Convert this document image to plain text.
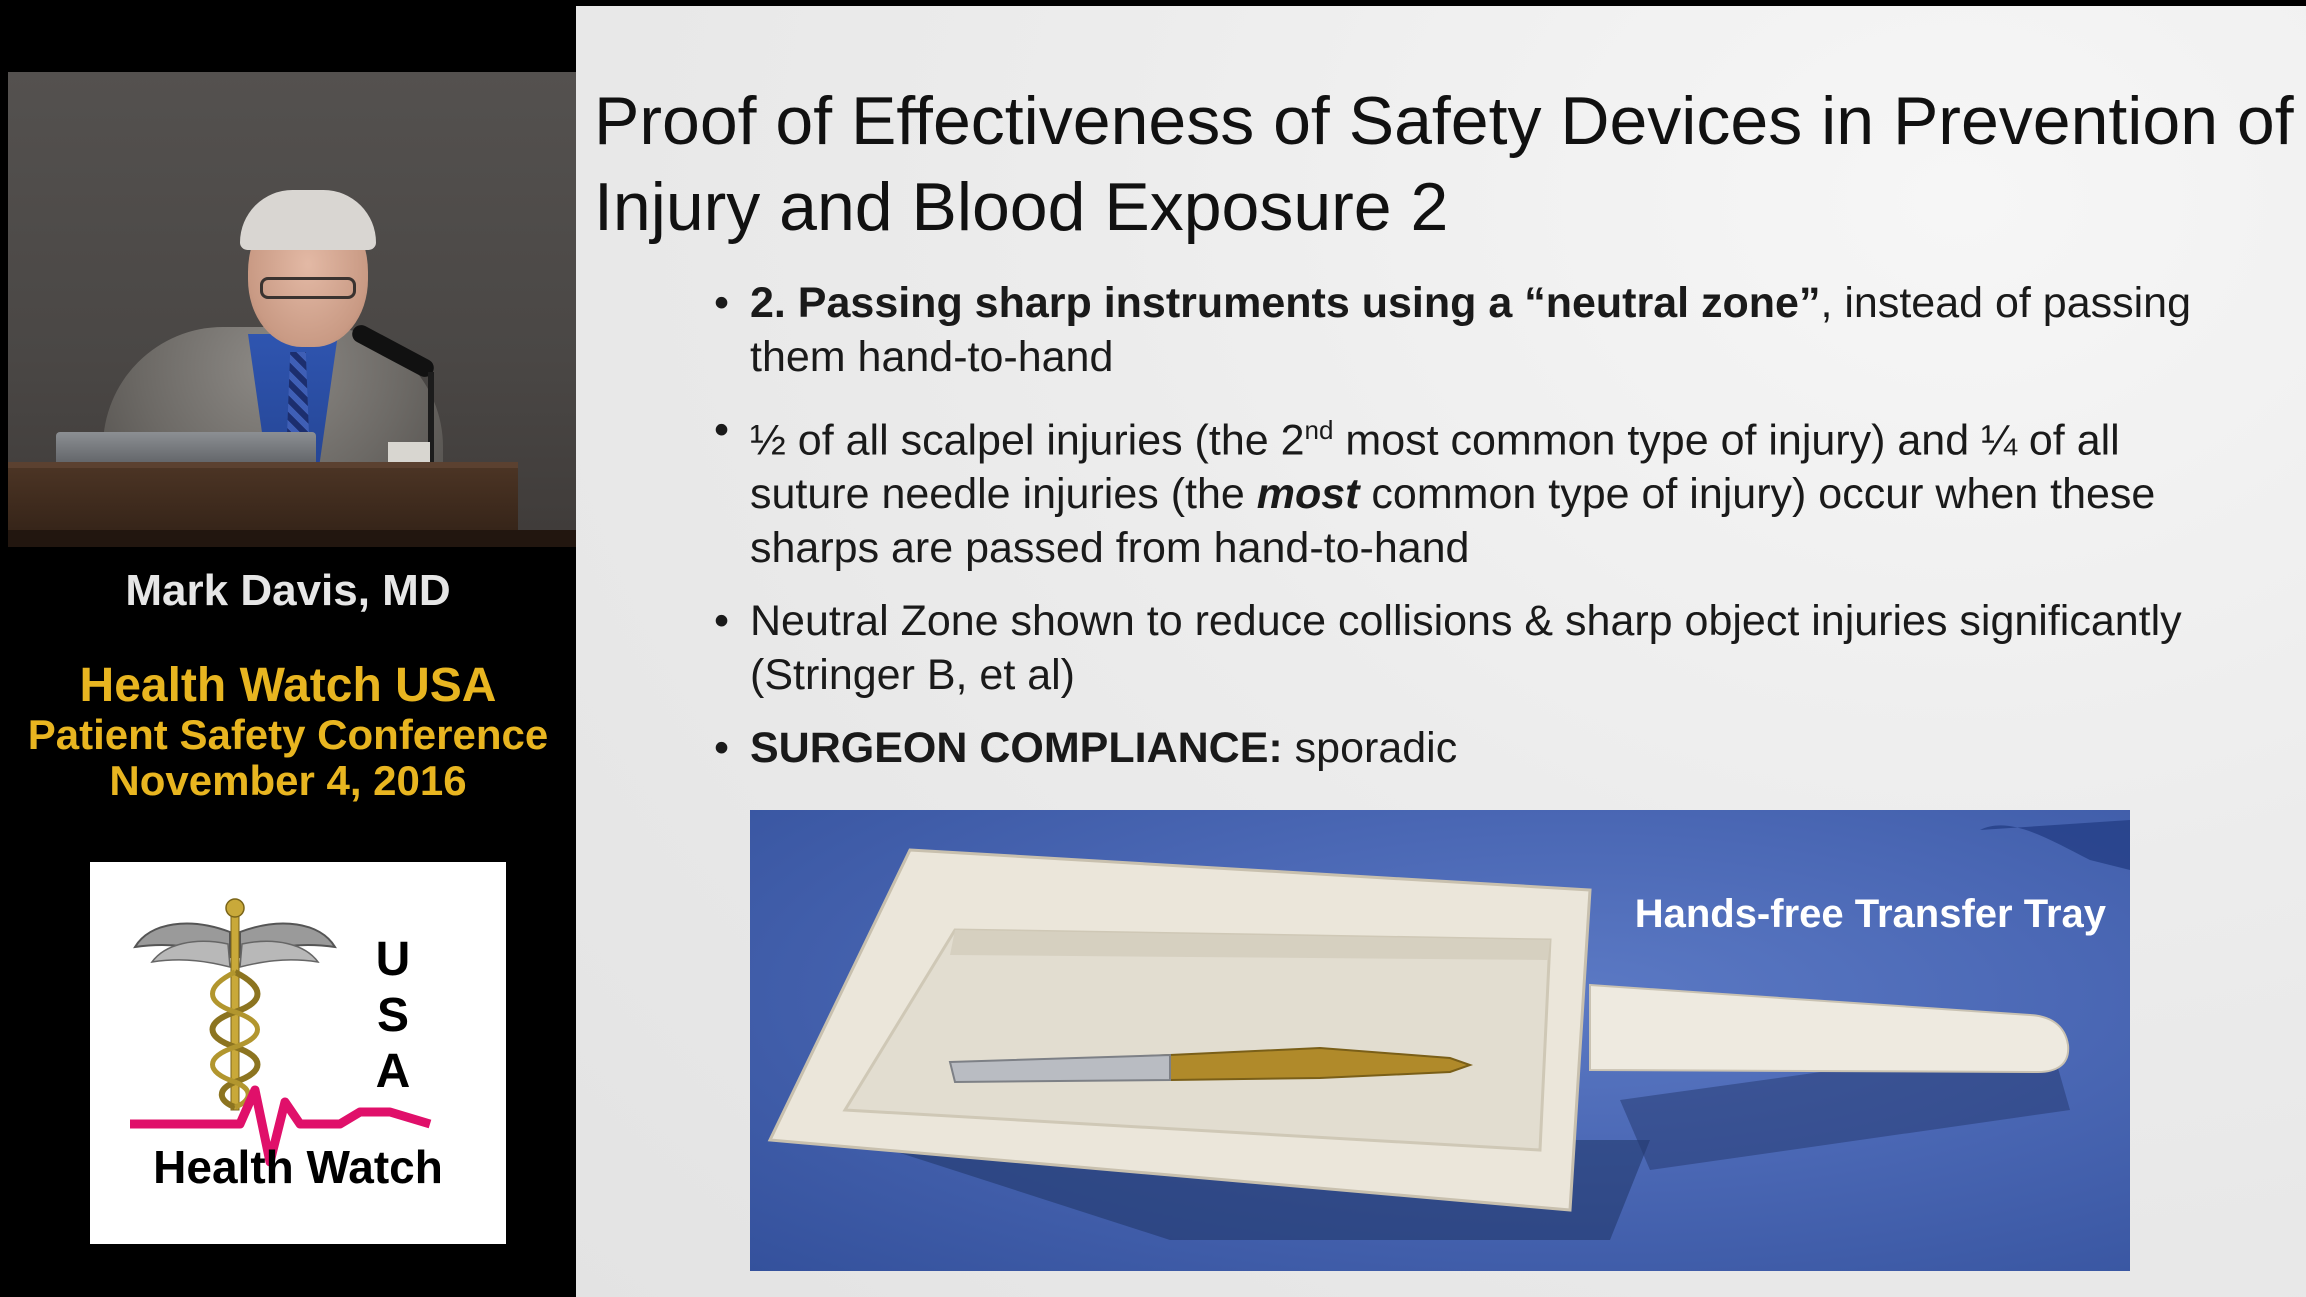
Mark Davis, MD
Health Watch USA
Patient Safety Conference
November 4, 2016
U
S
A
Health Watch
Proof of Effectiveness of Safety Devices in Prevention of Injury and Blood Exposure 2
• 2. Passing sharp instruments using a “neutral zone”, instead of passing them hand-to-hand
• ½ of all scalpel injuries (the 2nd most common type of injury) and ¼ of all suture needle injuries (the most common type of injury) occur when these sharps are passed from hand-to-hand
• Neutral Zone shown to reduce collisions & sharp object injuries significantly (Stringer B, et al)
• SURGEON COMPLIANCE: sporadic
Hands-free Transfer Tray
